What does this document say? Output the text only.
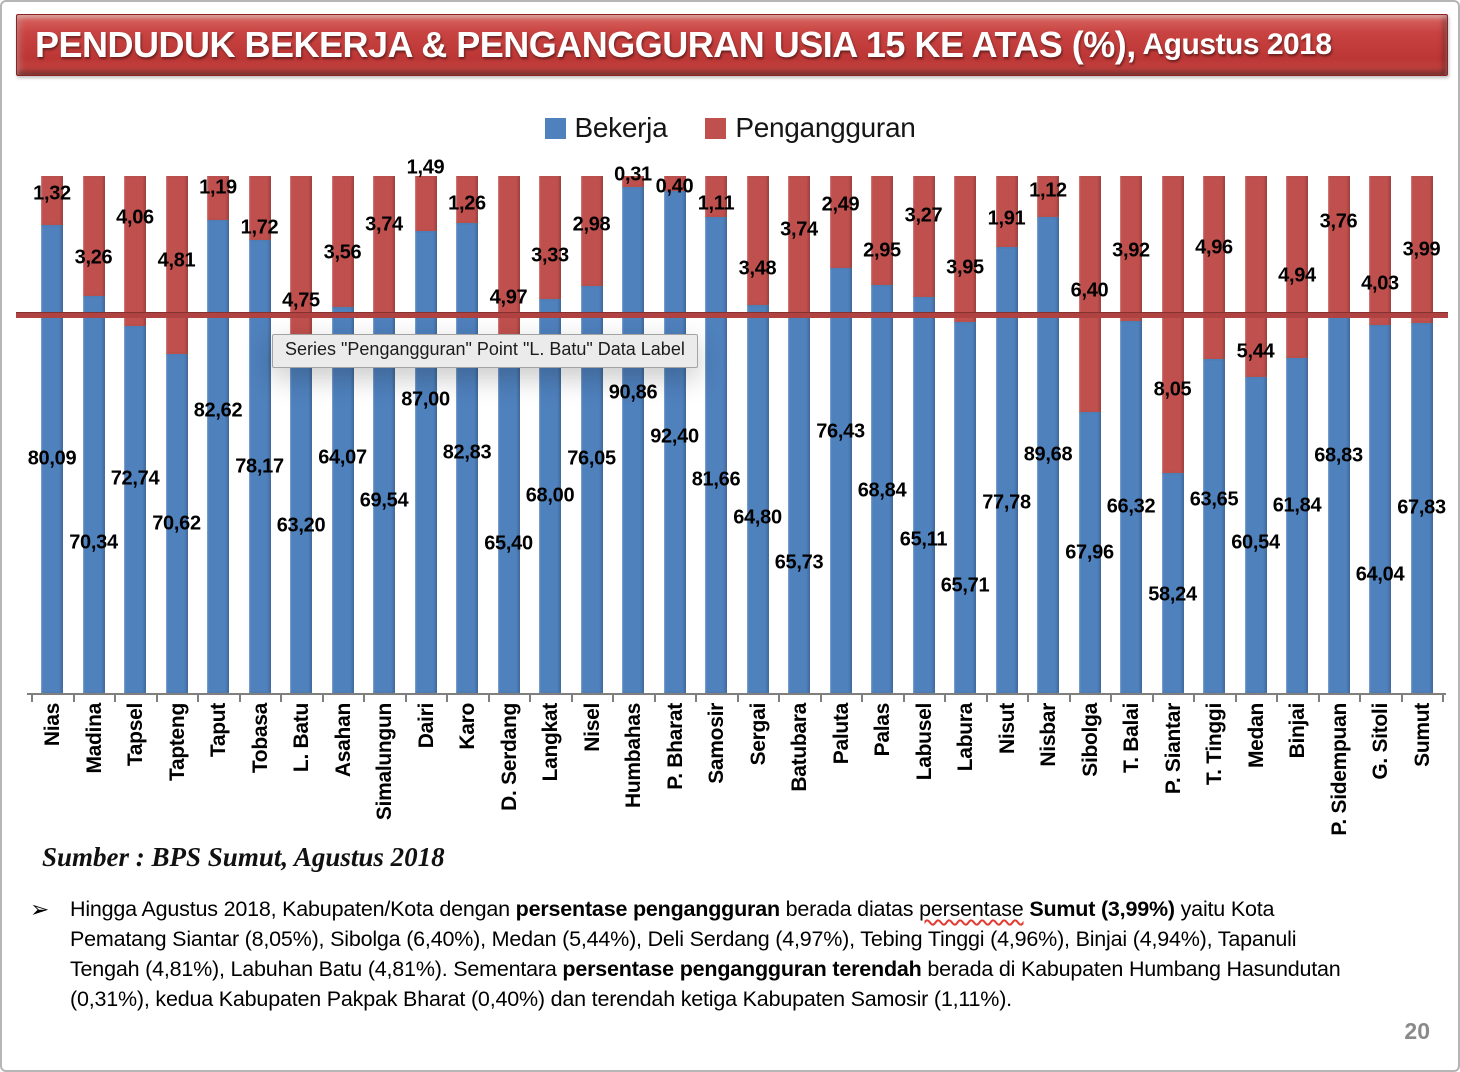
PENDUDUK BEKERJA & PENGANGGURAN USIA 15 KE ATAS (%), Agustus 2018
Bekerja Pengangguran
1,32
80,09
Nias
3,26
70,34
Madina
4,06
72,74
Tapsel
4,81
70,62
Tapteng
1,19
82,62
Taput
1,72
78,17
Tobasa
4,75
63,20
L. Batu
3,56
64,07
Asahan
3,74
69,54
Simalungun
1,49
87,00
Dairi
1,26
82,83
Karo
4,97
65,40
D. Serdang
3,33
68,00
Langkat
2,98
76,05
Nisel
0,31
90,86
Humbahas
0,40
92,40
P. Bharat
1,11
81,66
Samosir
3,48
64,80
Sergai
3,74
65,73
Batubara
2,49
76,43
Paluta
2,95
68,84
Palas
3,27
65,11
Labusel
3,95
65,71
Labura
1,91
77,78
Nisut
1,12
89,68
Nisbar
6,40
67,96
Sibolga
3,92
66,32
T. Balai
8,05
58,24
P. Siantar
4,96
63,65
T. Tinggi
5,44
60,54
Medan
4,94
61,84
Binjai
3,76
68,83
P. Sidempuan
4,03
64,04
G. Sitoli
3,99
67,83
Sumut
Series "Pengangguran" Point "L. Batu" Data Label
Sumber : BPS Sumut, Agustus 2018
➢ Hingga Agustus 2018, Kabupaten/Kota dengan persentase pengangguran berada diatas persentase Sumut (3,99%) yaitu Kota
Pematang Siantar (8,05%), Sibolga (6,40%), Medan (5,44%), Deli Serdang (4,97%), Tebing Tinggi (4,96%), Binjai (4,94%), Tapanuli
Tengah (4,81%), Labuhan Batu (4,81%). Sementara persentase pengangguran terendah berada di Kabupaten Humbang Hasundutan
(0,31%), kedua Kabupaten Pakpak Bharat (0,40%) dan terendah ketiga Kabupaten Samosir (1,11%).
20
